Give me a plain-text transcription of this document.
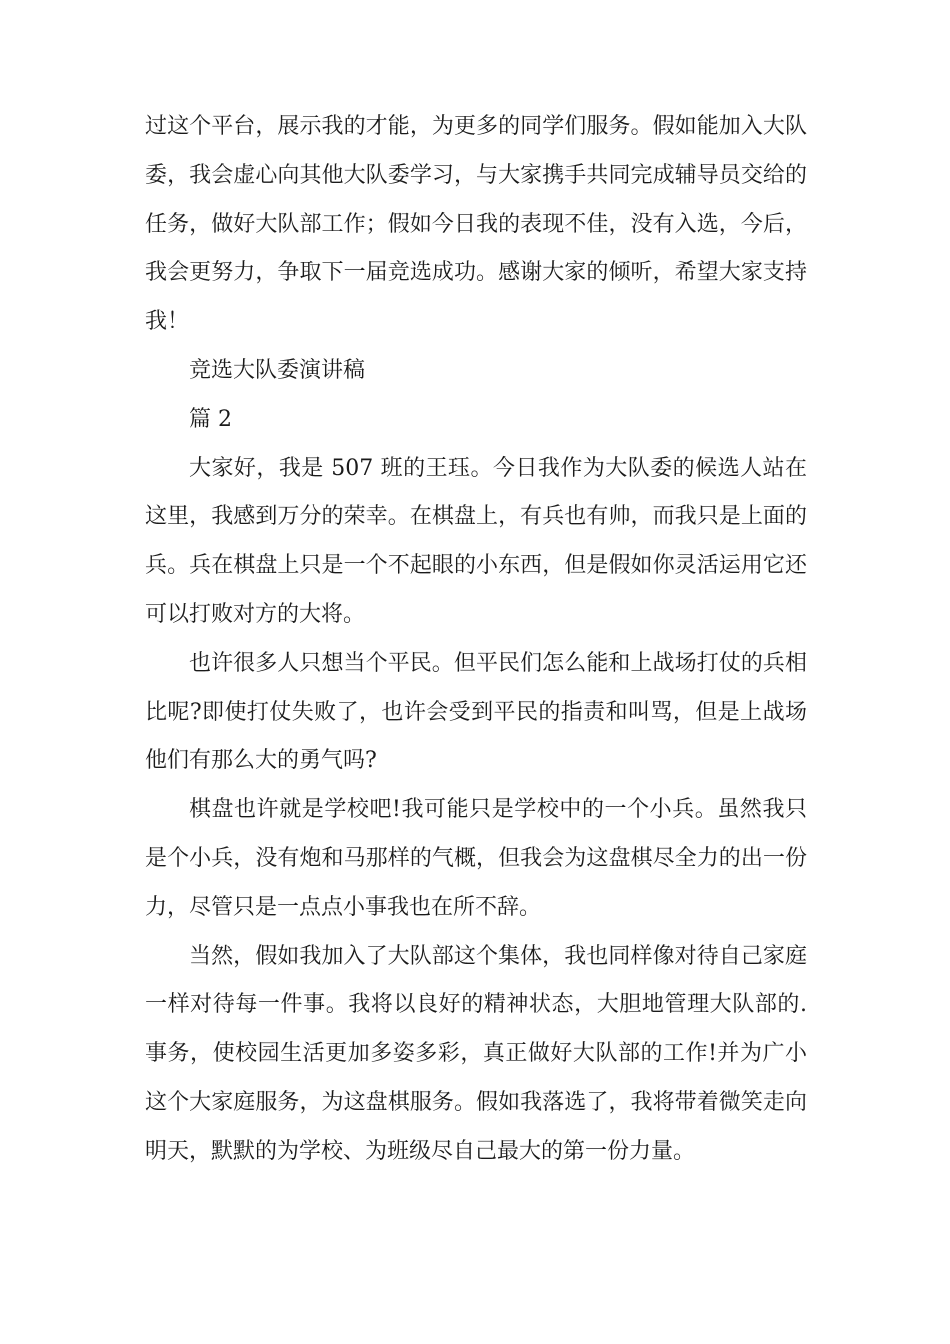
过这个平台，展示我的才能，为更多的同学们服务。假如能加入大队委，我会虚心向其他大队委学习，与大家携手共同完成辅导员交给的任务，做好大队部工作；假如今日我的表现不佳，没有入选，今后，我会更努力，争取下一届竞选成功。感谢大家的倾听，希望大家支持我！

竞选大队委演讲稿

篇 2

大家好，我是 507 班的王珏。今日我作为大队委的候选人站在这里，我感到万分的荣幸。在棋盘上，有兵也有帅，而我只是上面的兵。兵在棋盘上只是一个不起眼的小东西，但是假如你灵活运用它还可以打败对方的大将。

也许很多人只想当个平民。但平民们怎么能和上战场打仗的兵相比呢?即使打仗失败了，也许会受到平民的指责和叫骂，但是上战场他们有那么大的勇气吗?

棋盘也许就是学校吧!我可能只是学校中的一个小兵。虽然我只是个小兵，没有炮和马那样的气概，但我会为这盘棋尽全力的出一份力，尽管只是一点点小事我也在所不辞。

当然，假如我加入了大队部这个集体，我也同样像对待自己家庭一样对待每一件事。我将以良好的精神状态，大胆地管理大队部的.事务，使校园生活更加多姿多彩，真正做好大队部的工作!并为广小这个大家庭服务，为这盘棋服务。假如我落选了，我将带着微笑走向明天，默默的为学校、为班级尽自己最大的第一份力量。
